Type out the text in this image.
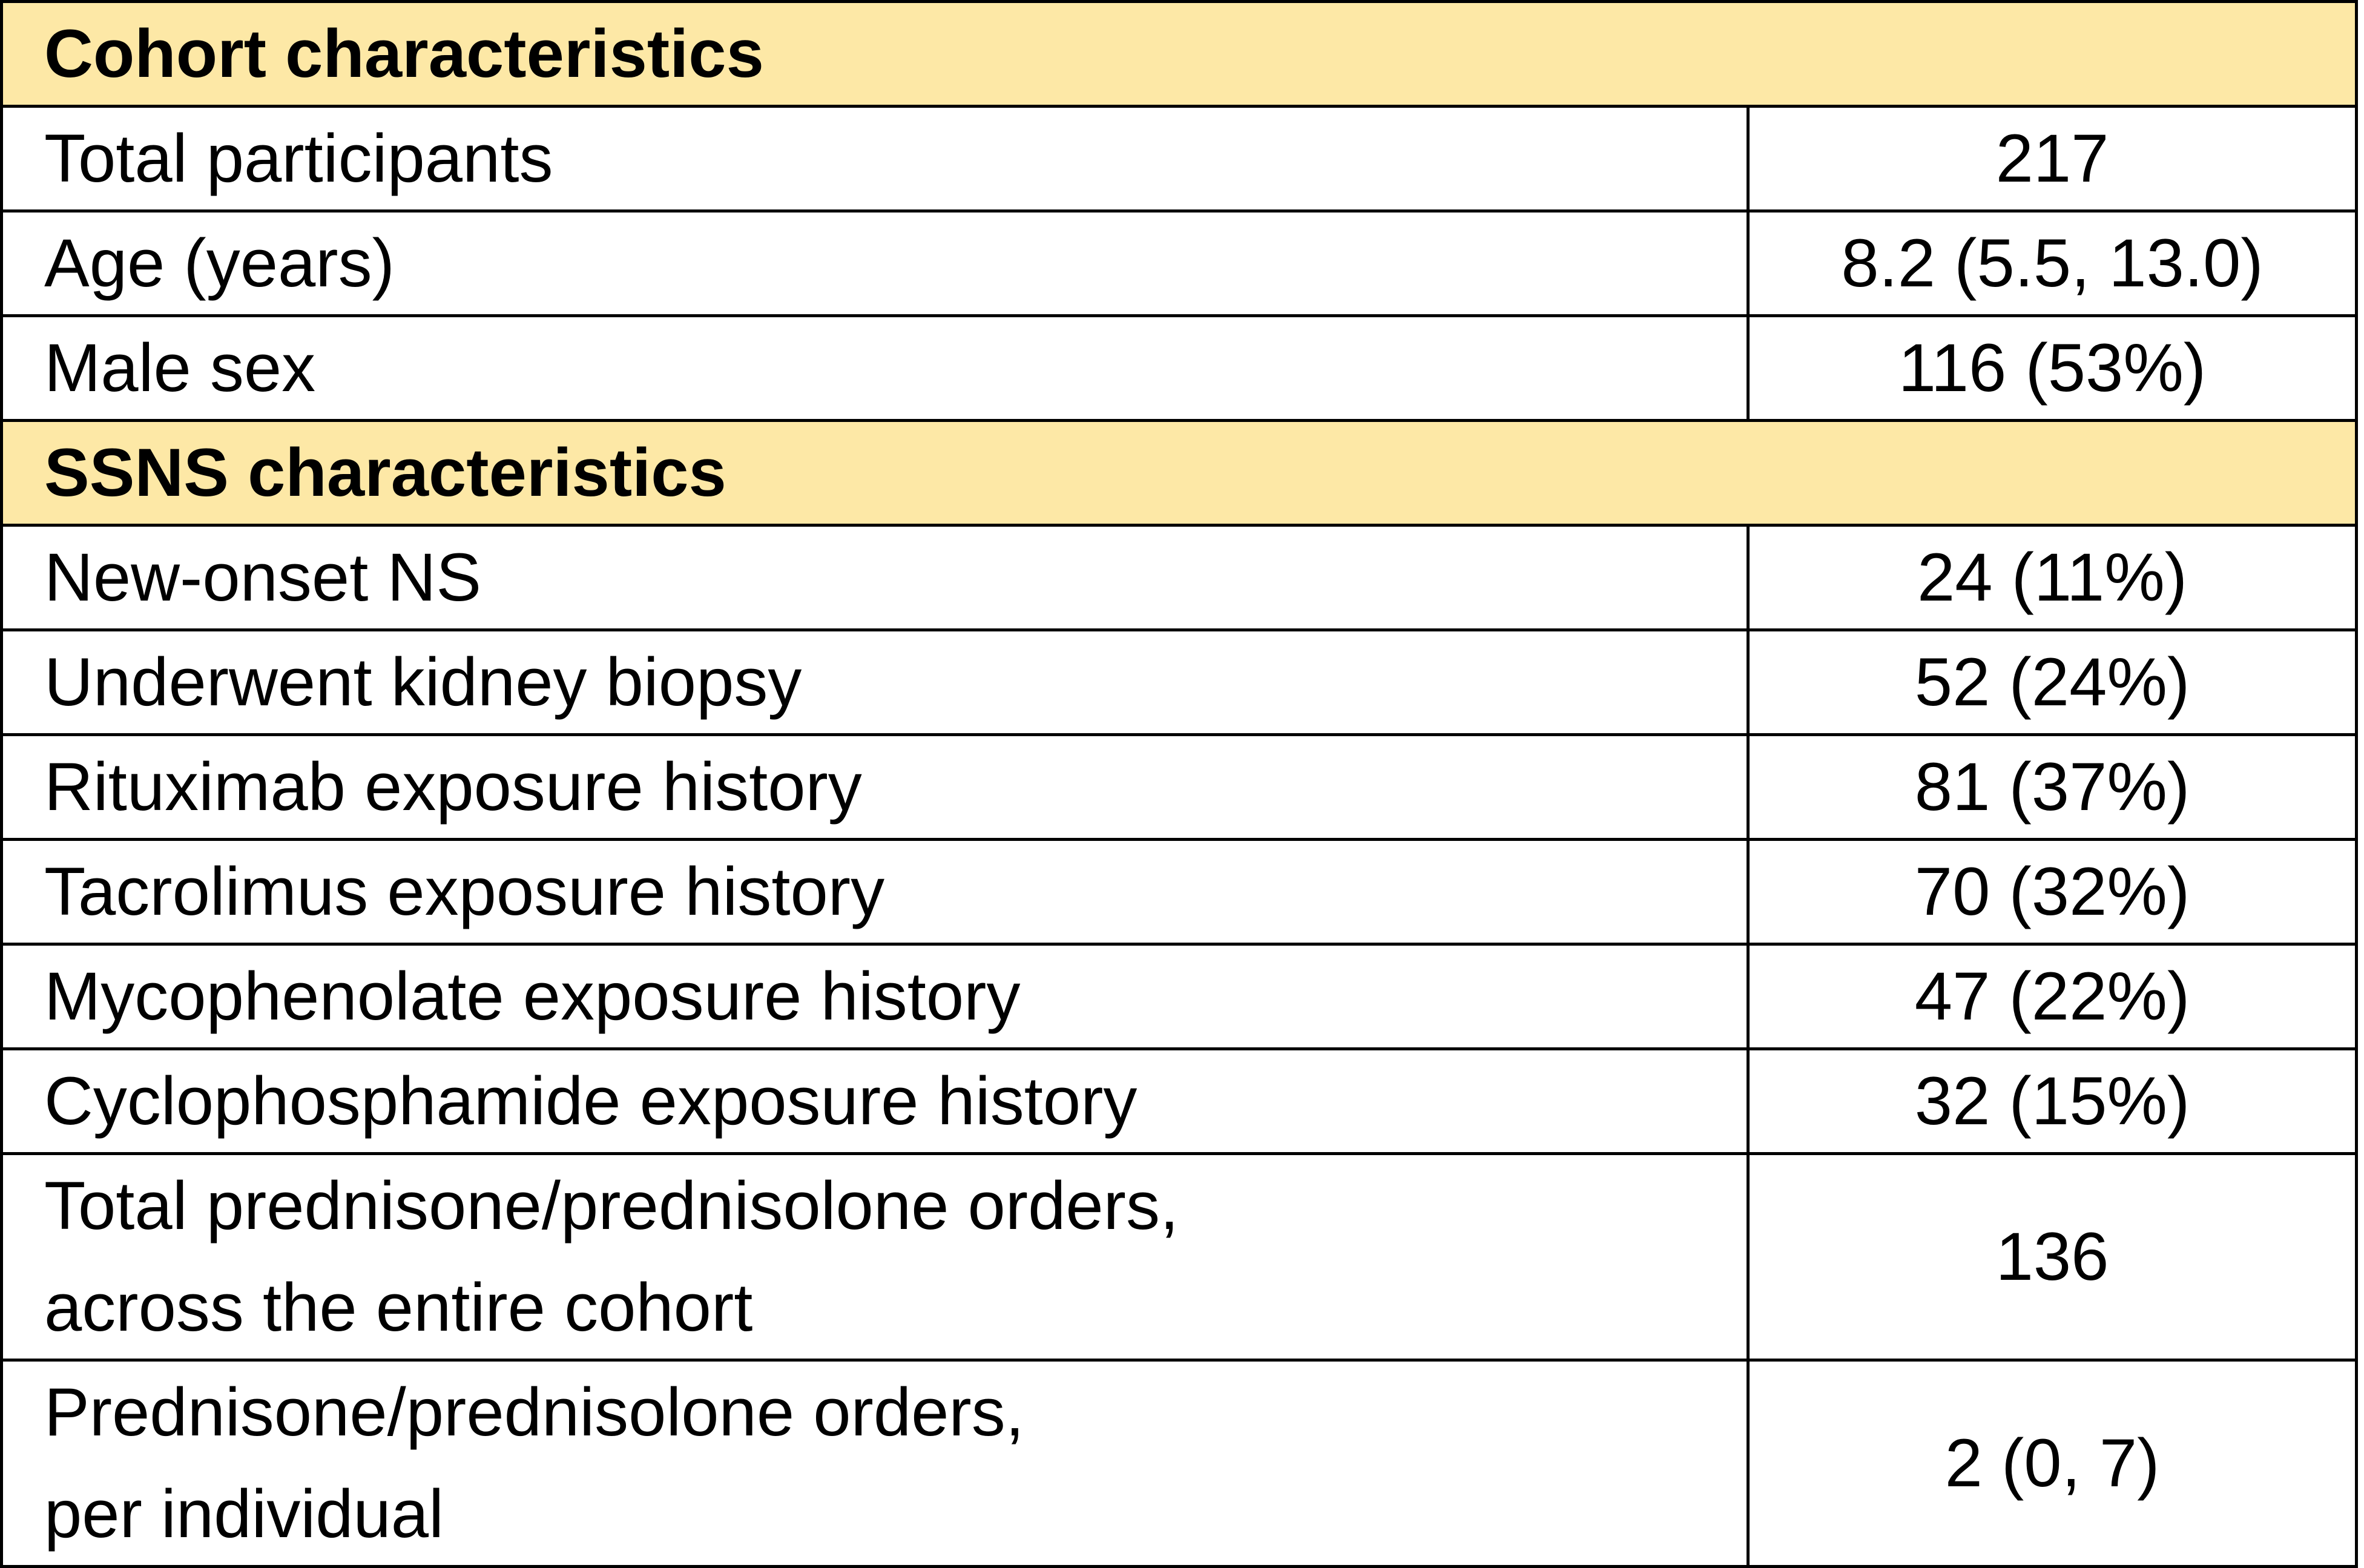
Cohort characteristics	
Total participants	217
Age (years)	8.2 (5.5, 13.0)
Male sex	116 (53%)
SSNS characteristics	
New-onset NS	24 (11%)
Underwent kidney biopsy	52 (24%)
Rituximab exposure history	81 (37%)
Tacrolimus exposure history	70 (32%)
Mycophenolate exposure history	47 (22%)
Cyclophosphamide exposure history	32 (15%)

Total prednisone/prednisolone orders,
across the entire cohort	136

Prednisone/prednisolone orders,
per individual	2 (0, 7)
